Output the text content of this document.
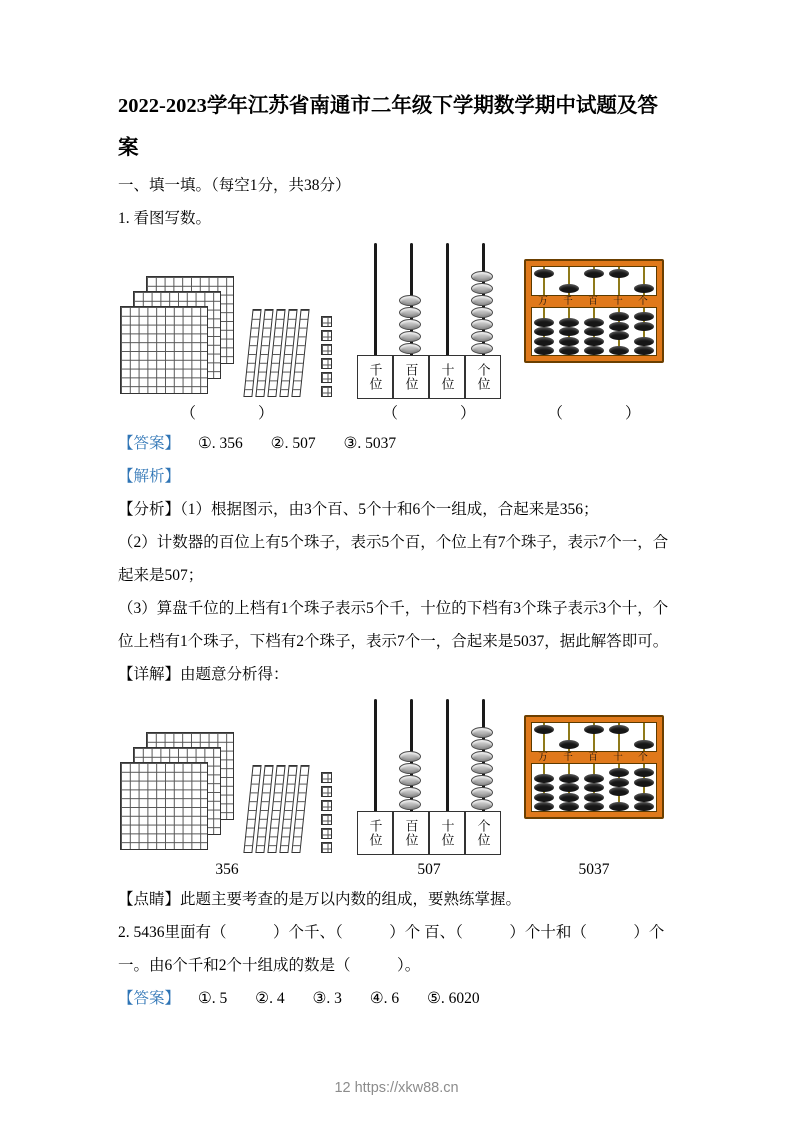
2022-2023学年江苏省南通市二年级下学期数学期中试题及答案

一、填一填。（每空1分，共38分）

1. 看图写数。

千位	百位	十位	个位
万 千 百 十 个
（　　　　）	（　　　　）	（　　　　）

【答案】 ①. 356 ②. 507 ③. 5037

【解析】

【分析】（1）根据图示，由3个百、5个十和6个一组成，合起来是356；

（2）计数器的百位上有5个珠子，表示5个百，个位上有7个珠子，表示7个一，合起来是507；

（3）算盘千位的上档有1个珠子表示5个千，十位的下档有3个珠子表示3个十，个位上档有1个珠子，下档有2个珠子，表示7个一，合起来是5037，据此解答即可。

【详解】由题意分析得：

千位	百位	十位	个位
万 千 百 十 个
356	507	5037

【点睛】此题主要考查的是万以内数的组成，要熟练掌握。

2. 5436里面有（　　　）个千、（　　　）个 百、（　　　）个十和（　　　）个一。由6个千和2个十组成的数是（　　　）。

【答案】 ①. 5 ②. 4 ③. 3 ④. 6 ⑤. 6020

12 https://xkw88.cn
